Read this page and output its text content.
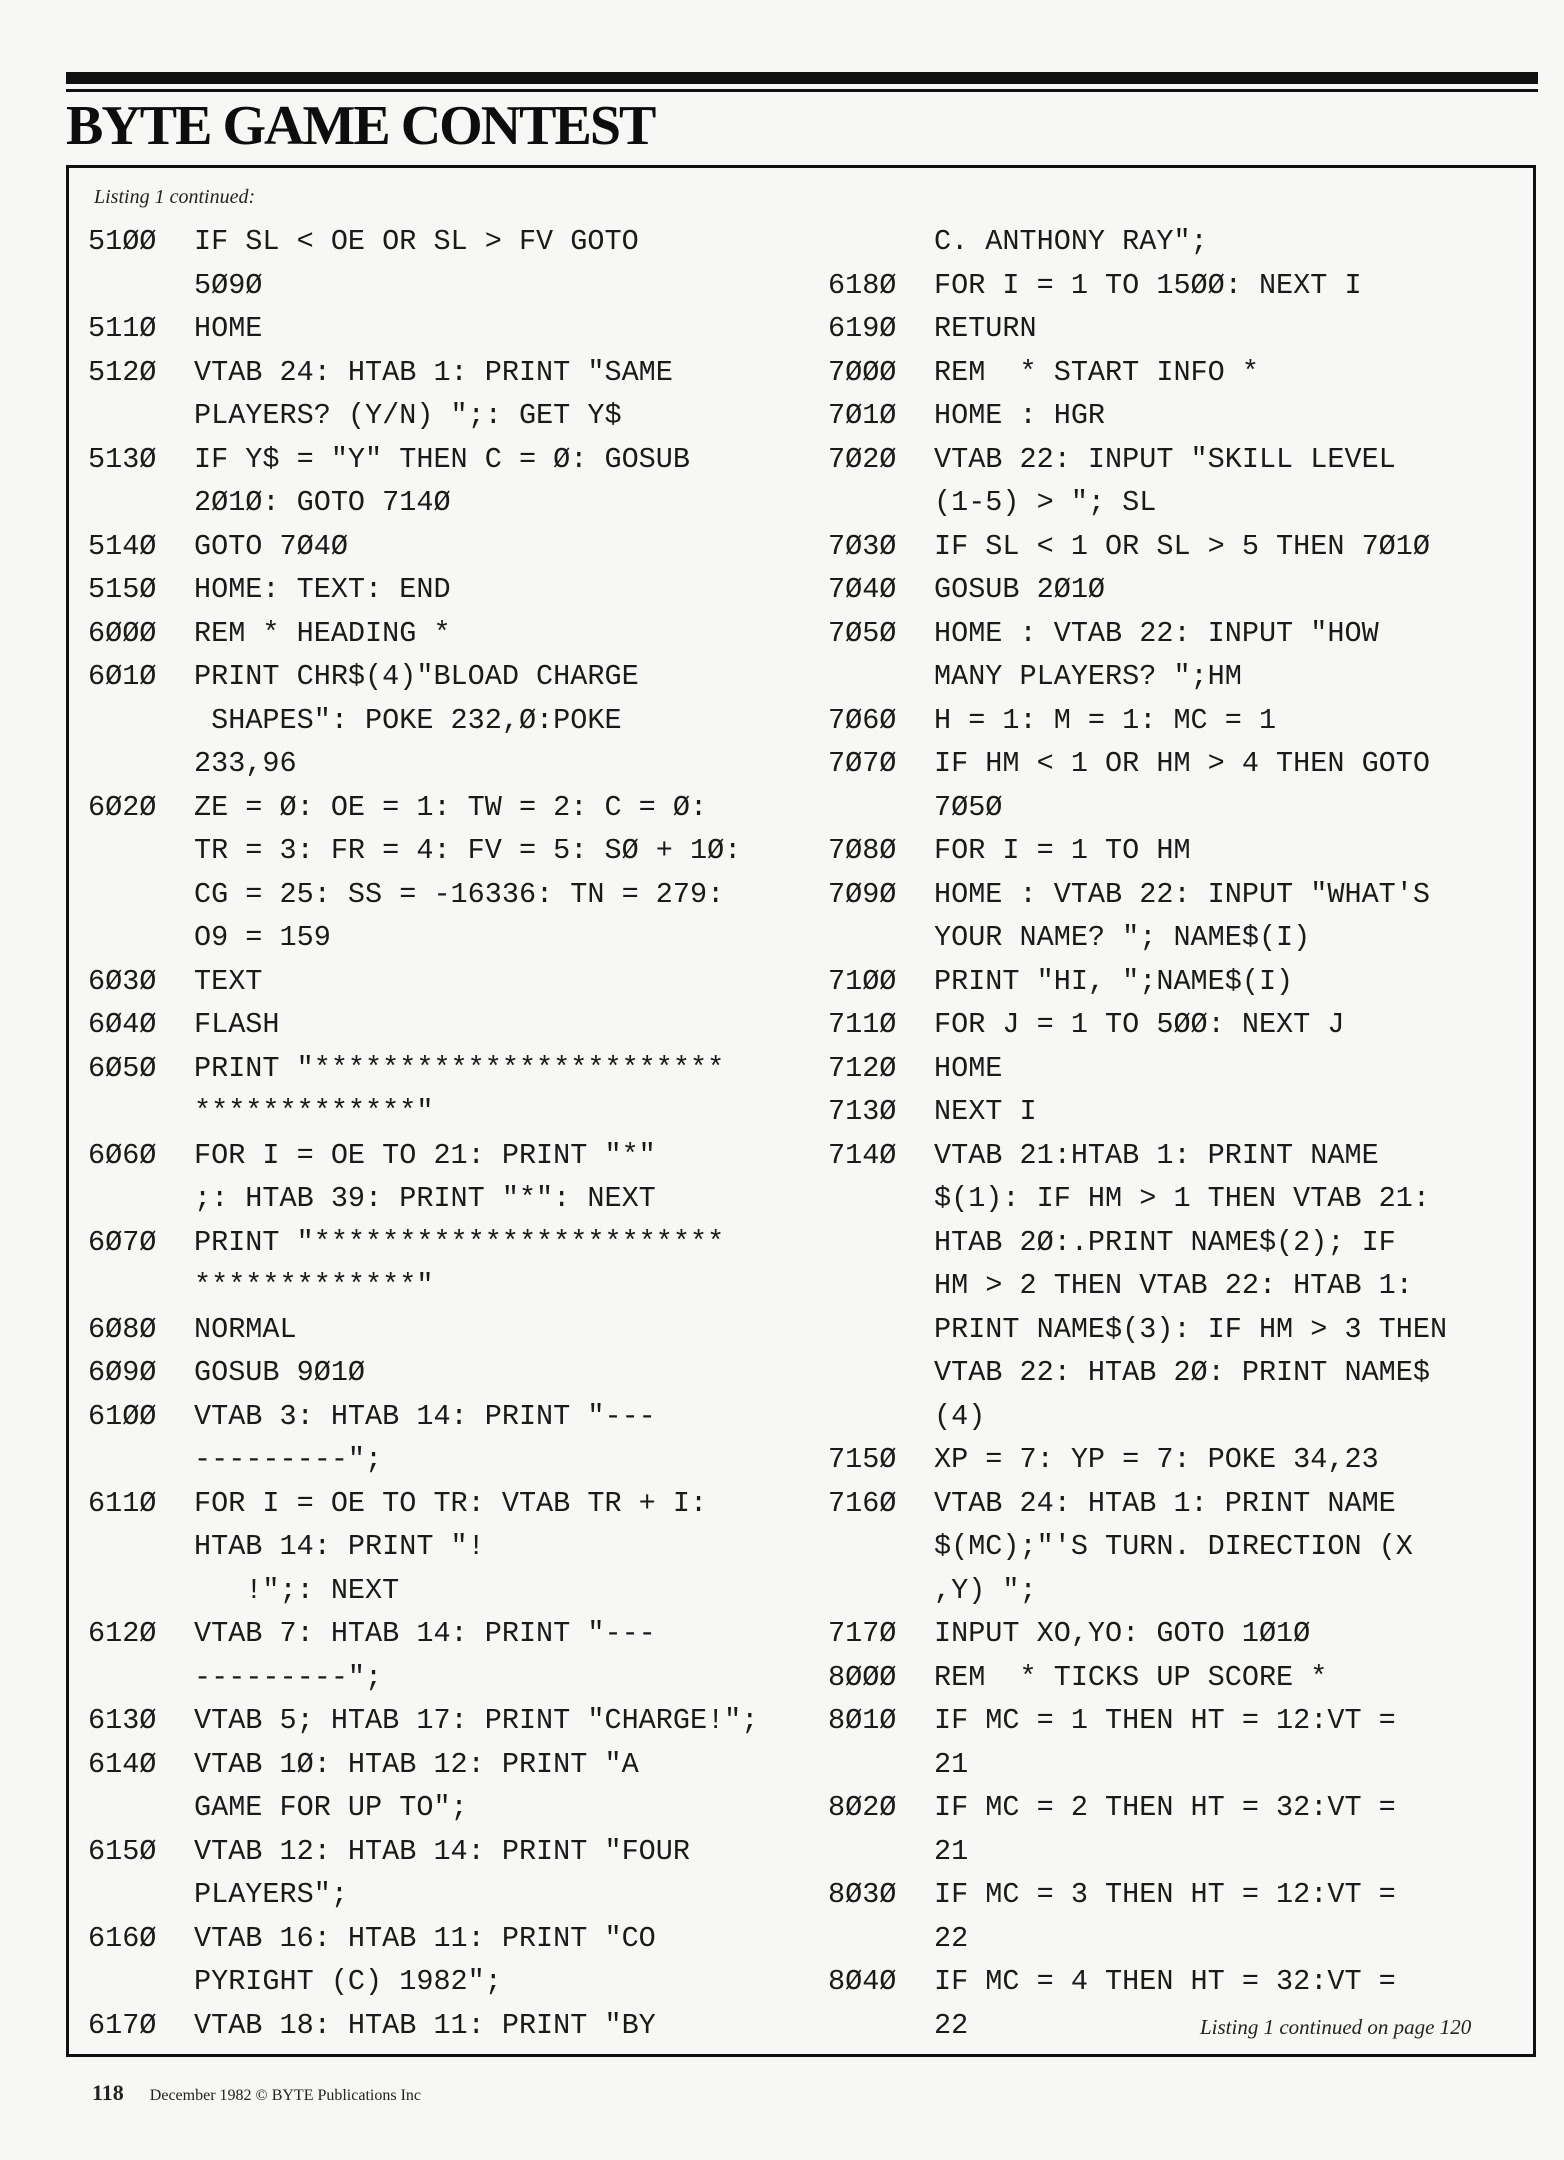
BYTE GAME CONTEST
Listing 1 continued:
51ØØ	IF SL < OE OR SL > FV GOTO
5Ø9Ø
511Ø	HOME
512Ø	VTAB 24: HTAB 1: PRINT "SAME
PLAYERS? (Y/N) ";: GET Y$
513Ø	IF Y$ = "Y" THEN C = Ø: GOSUB
2Ø1Ø: GOTO 714Ø
514Ø	GOTO 7Ø4Ø
515Ø	HOME: TEXT: END
6ØØØ	REM * HEADING *
6Ø1Ø	PRINT CHR$(4)"BLOAD CHARGE
SHAPES": POKE 232,Ø:POKE
233,96
6Ø2Ø	ZE = Ø: OE = 1: TW = 2: C = Ø:
TR = 3: FR = 4: FV = 5: SØ + 1Ø:
CG = 25: SS = -16336: TN = 279:
O9 = 159
6Ø3Ø	TEXT
6Ø4Ø	FLASH
6Ø5Ø	PRINT "************************
*************"
6Ø6Ø	FOR I = OE TO 21: PRINT "*"
;: HTAB 39: PRINT "*": NEXT
6Ø7Ø	PRINT "************************
*************"
6Ø8Ø	NORMAL
6Ø9Ø	GOSUB 9Ø1Ø
61ØØ	VTAB 3: HTAB 14: PRINT "---
---------";
611Ø	FOR I = OE TO TR: VTAB TR + I:
HTAB 14: PRINT "!
!";: NEXT
612Ø	VTAB 7: HTAB 14: PRINT "---
---------";
613Ø	VTAB 5; HTAB 17: PRINT "CHARGE!";
614Ø	VTAB 1Ø: HTAB 12: PRINT "A
GAME FOR UP TO";
615Ø	VTAB 12: HTAB 14: PRINT "FOUR
PLAYERS";
616Ø	VTAB 16: HTAB 11: PRINT "CO
PYRIGHT (C) 1982";
617Ø	VTAB 18: HTAB 11: PRINT "BY
C. ANTHONY RAY";
618Ø	FOR I = 1 TO 15ØØ: NEXT I
619Ø	RETURN
7ØØØ	REM  * START INFO *
7Ø1Ø	HOME : HGR
7Ø2Ø	VTAB 22: INPUT "SKILL LEVEL
(1-5) > "; SL
7Ø3Ø	IF SL < 1 OR SL > 5 THEN 7Ø1Ø
7Ø4Ø	GOSUB 2Ø1Ø
7Ø5Ø	HOME : VTAB 22: INPUT "HOW
MANY PLAYERS? ";HM
7Ø6Ø	H = 1: M = 1: MC = 1
7Ø7Ø	IF HM < 1 OR HM > 4 THEN GOTO
7Ø5Ø
7Ø8Ø	FOR I = 1 TO HM
7Ø9Ø	HOME : VTAB 22: INPUT "WHAT'S
YOUR NAME? "; NAME$(I)
71ØØ	PRINT "HI, ";NAME$(I)
711Ø	FOR J = 1 TO 5ØØ: NEXT J
712Ø	HOME
713Ø	NEXT I
714Ø	VTAB 21:HTAB 1: PRINT NAME
$(1): IF HM > 1 THEN VTAB 21:
HTAB 2Ø:.PRINT NAME$(2); IF
HM > 2 THEN VTAB 22: HTAB 1:
PRINT NAME$(3): IF HM > 3 THEN
VTAB 22: HTAB 2Ø: PRINT NAME$
(4)
715Ø	XP = 7: YP = 7: POKE 34,23
716Ø	VTAB 24: HTAB 1: PRINT NAME
$(MC);"'S TURN. DIRECTION (X
,Y) ";
717Ø	INPUT XO,YO: GOTO 1Ø1Ø
8ØØØ	REM  * TICKS UP SCORE *
8Ø1Ø	IF MC = 1 THEN HT = 12:VT =
21
8Ø2Ø	IF MC = 2 THEN HT = 32:VT =
21
8Ø3Ø	IF MC = 3 THEN HT = 12:VT =
22
8Ø4Ø	IF MC = 4 THEN HT = 32:VT =
22	Listing 1 continued on page 120
118 December 1982 © BYTE Publications Inc
